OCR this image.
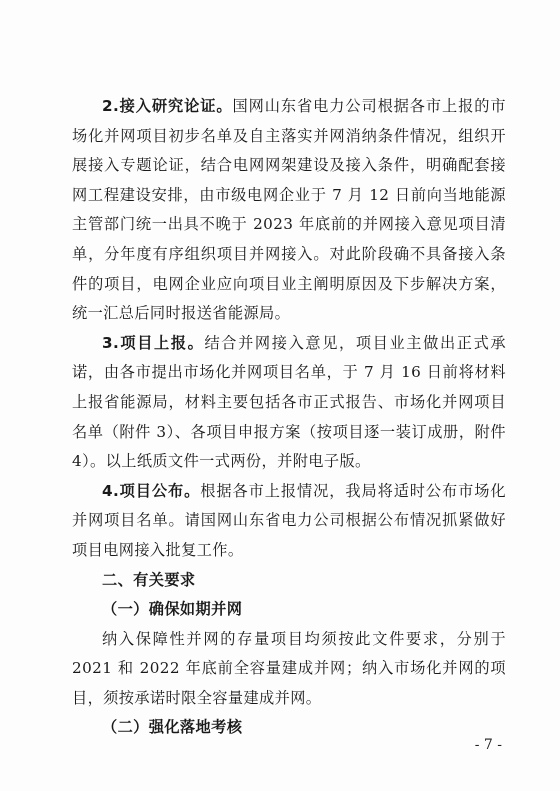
2.接入研究论证。国网山东省电力公司根据各市上报的市场化并网项目初步名单及自主落实并网消纳条件情况，组织开展接入专题论证，结合电网网架建设及接入条件，明确配套接网工程建设安排，由市级电网企业于 7 月 12 日前向当地能源主管部门统一出具不晚于 2023 年底前的并网接入意见项目清单，分年度有序组织项目并网接入。对此阶段确不具备接入条件的项目，电网企业应向项目业主阐明原因及下步解决方案，统一汇总后同时报送省能源局。

3.项目上报。结合并网接入意见，项目业主做出正式承诺，由各市提出市场化并网项目名单，于 7 月 16 日前将材料上报省能源局，材料主要包括各市正式报告、市场化并网项目名单（附件 3）、各项目申报方案（按项目逐一装订成册，附件 4）。以上纸质文件一式两份，并附电子版。

4.项目公布。根据各市上报情况，我局将适时公布市场化并网项目名单。请国网山东省电力公司根据公布情况抓紧做好项目电网接入批复工作。

二、有关要求

（一）确保如期并网

纳入保障性并网的存量项目均须按此文件要求，分别于 2021 和 2022 年底前全容量建成并网；纳入市场化并网的项目，须按承诺时限全容量建成并网。

（二）强化落地考核

- 7 -
